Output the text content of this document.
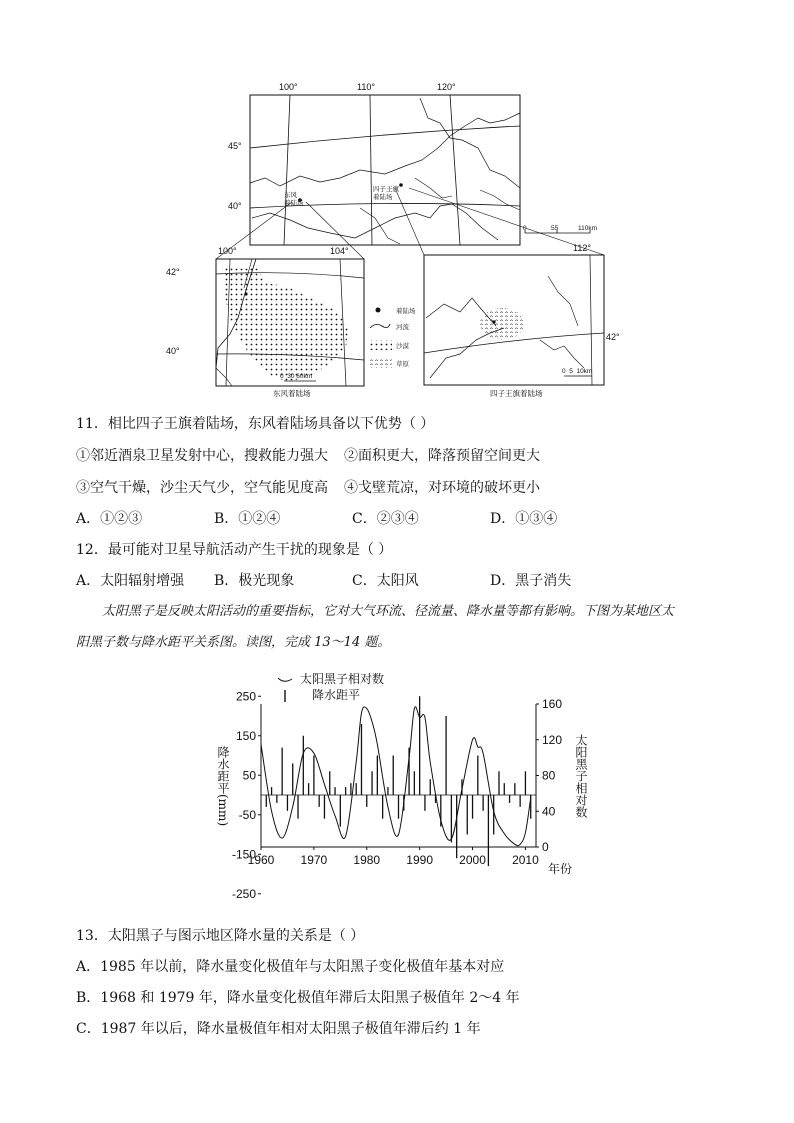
100°	110°	120°
45°
40°
东风
着陆场
四子王旗
着陆场
0	55	110km
100°	104°
42°
40°
0  30 60km
东风着陆场
112°
42°
0  5  10km
四子王旗着陆场
着陆场
河流
沙漠
草原
11．相比四子王旗着陆场，东风着陆场具备以下优势（ ）
①邻近酒泉卫星发射中心，搜救能力强大 ②面积更大，降落预留空间更大
③空气干燥，沙尘天气少，空气能见度高 ④戈壁荒凉，对环境的破坏更小
A．①②③	B．①②④	C．②③④	D．①③④
12．最可能对卫星导航活动产生干扰的现象是（ ）
A．太阳辐射增强 B．极光现象	C．太阳风	D．黑子消失
太阳黑子是反映太阳活动的重要指标，它对大气环流、径流量、降水量等都有影响。下图为某地区太
阳黑子数与降水距平关系图。读图，完成 13～14 题。
250
150
50
-50
-150
-250
160
120
80
40
0
1960 1970 1980 1990 2000 2010
太阳黑子相对数
降水距平
降水距平(mm)	太阳黑子相对数
年份
13．太阳黑子与图示地区降水量的关系是（ ）
A．1985 年以前，降水量变化极值年与太阳黑子变化极值年基本对应
B．1968 和 1979 年，降水量变化极值年滞后太阳黑子极值年 2～4 年
C．1987 年以后，降水量极值年相对太阳黑子极值年滞后约 1 年
